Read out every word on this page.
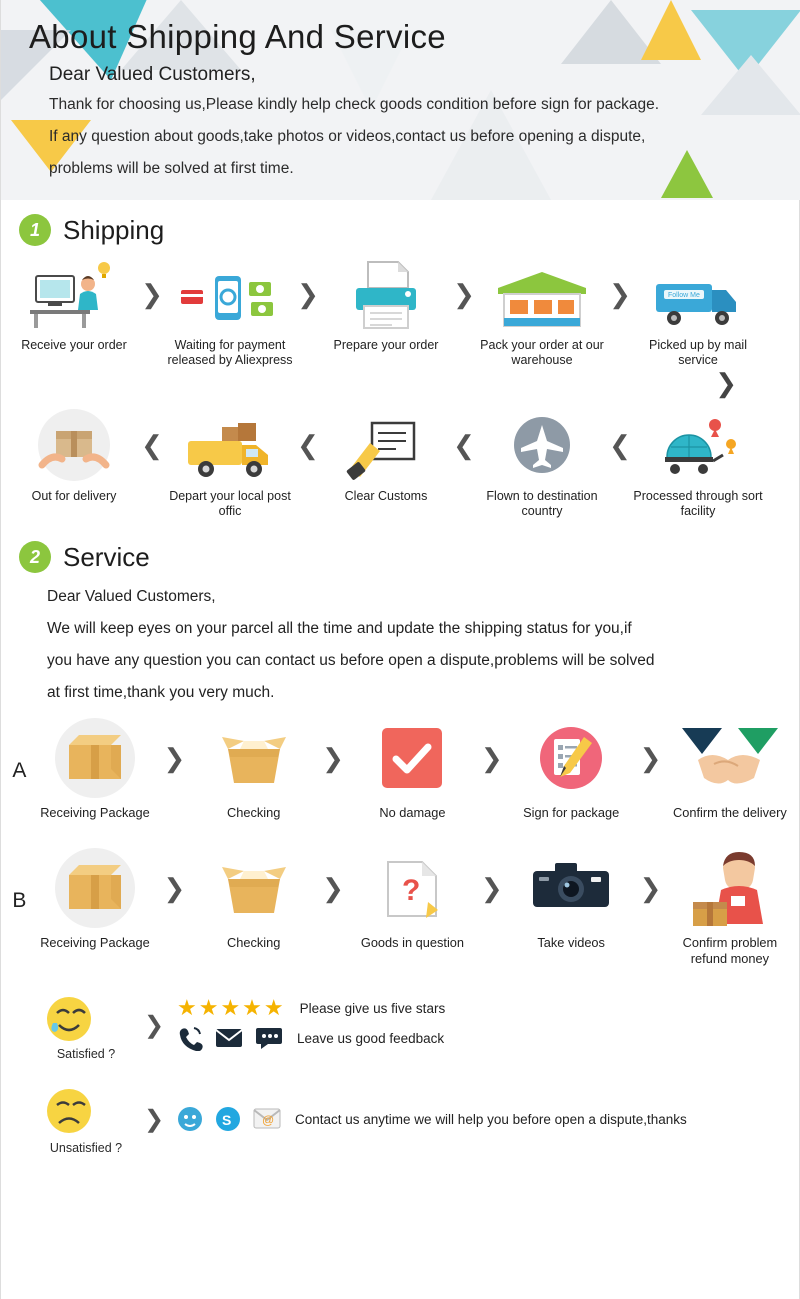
About Shipping And Service
Dear Valued Customers,
Thank for choosing us,Please kindly help check goods condition before sign for package.
If any question about goods,take photos or videos,contact us before opening a dispute,
problems will be solved at first time.
1 Shipping
Receive your order
❯
Waiting for payment released by Aliexpress
❯
Prepare your order
❯
Pack your order at our warehouse
❯	Follow Me
Picked up by mail service
❯
Out for delivery
❮
Depart your local post offic
❮
Clear Customs
❮
Flown to destination country
❮
Processed through sort facility
2 Service

Dear Valued Customers,

We will keep eyes on your parcel all the time and update the shipping status for you,if

you have any question you can contact us before open a dispute,problems will be solved

at first time,thank you very much.

A
Receiving Package
❯
Checking
❯
No damage
❯
Sign for package
❯
Confirm the delivery
B
Receiving Package
❯
Checking
❯ ?
Goods in question
❯
Take videos
❯
Confirm problem refund money
Satisfied ?
❯
★★★★★ Please give us five stars
Leave us good feedback
Unsatisfied ?
❯	S	@ Contact us anytime we will help you before open a dispute,thanks
